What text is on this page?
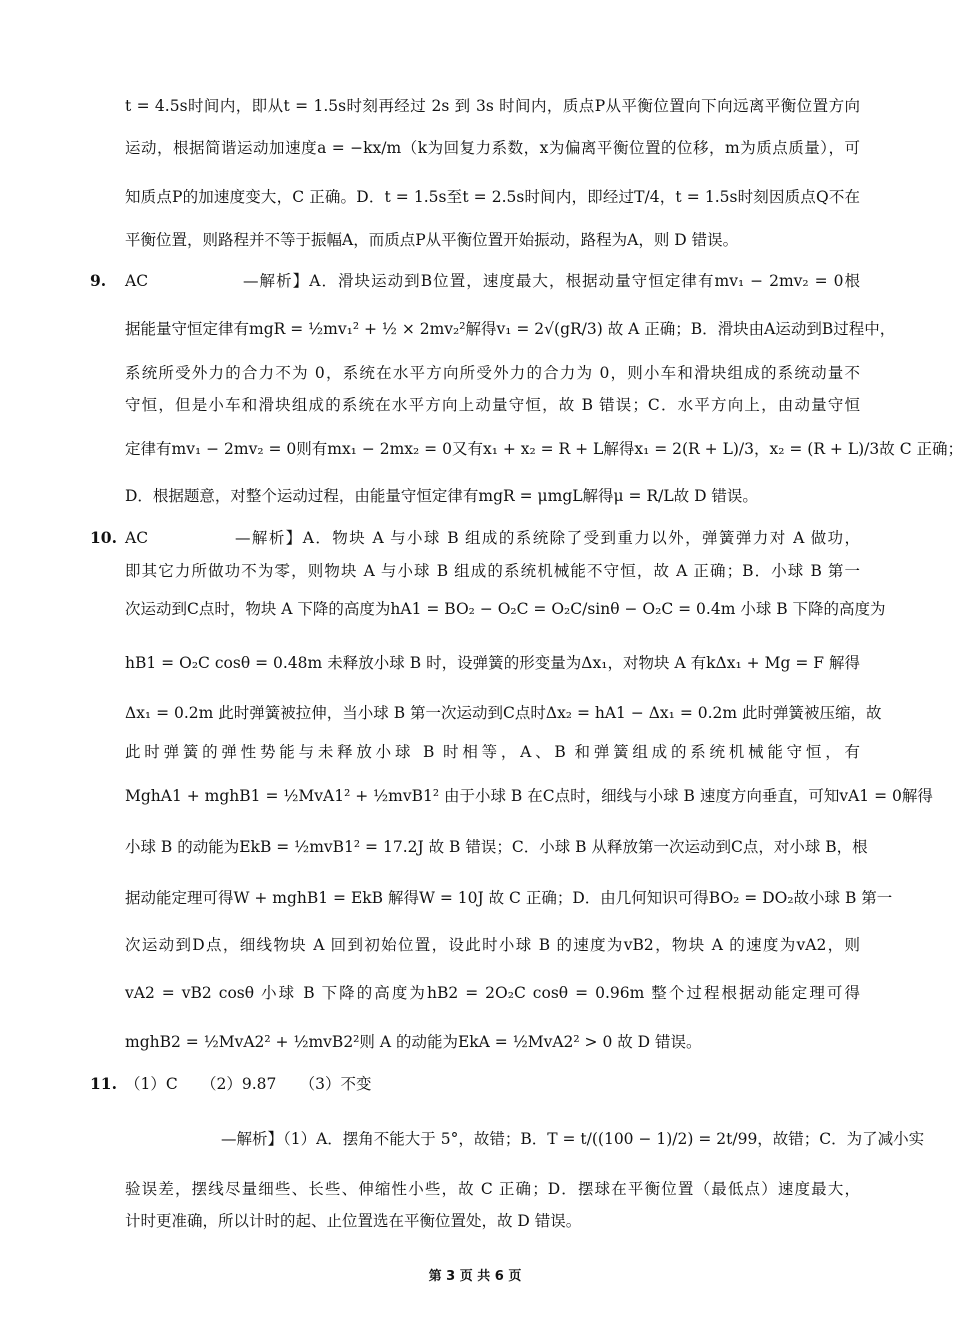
t = 4.5s时间内，即从t = 1.5s时刻再经过 2s 到 3s 时间内，质点P从平衡位置向下向远离平衡位置方向
运动，根据简谐运动加速度a = −kx/m（k为回复力系数，x为偏离平衡位置的位移，m为质点质量），可
知质点P的加速度变大，C 正确。D．t = 1.5s至t = 2.5s时间内，即经过T/4，t = 1.5s时刻因质点Q不在
平衡位置，则路程并不等于振幅A，而质点P从平衡位置开始振动，路程为A，则 D 错误。
9. AC	—解析】A．滑块运动到B位置，速度最大，根据动量守恒定律有mv₁ − 2mv₂ = 0根
据能量守恒定律有mgR = ½mv₁² + ½ × 2mv₂²解得v₁ = 2√(gR/3) 故 A 正确；B．滑块由A运动到B过程中，
系统所受外力的合力不为 0，系统在水平方向所受外力的合力为 0，则小车和滑块组成的系统动量不
守恒，但是小车和滑块组成的系统在水平方向上动量守恒，故 B 错误；C．水平方向上，由动量守恒
定律有mv₁ − 2mv₂ = 0则有mx₁ − 2mx₂ = 0又有x₁ + x₂ = R + L解得x₁ = 2(R + L)/3，x₂ = (R + L)/3故 C 正确；
D．根据题意，对整个运动过程，由能量守恒定律有mgR = μmgL解得μ = R/L故 D 错误。
10. AC	—解析】A．物块 A 与小球 B 组成的系统除了受到重力以外，弹簧弹力对 A 做功，
即其它力所做功不为零，则物块 A 与小球 B 组成的系统机械能不守恒，故 A 正确；B．小球 B 第一
次运动到C点时，物块 A 下降的高度为hA1 = BO₂ − O₂C = O₂C/sinθ − O₂C = 0.4m 小球 B 下降的高度为
hB1 = O₂C cosθ = 0.48m 未释放小球 B 时，设弹簧的形变量为Δx₁，对物块 A 有kΔx₁ + Mg = F 解得
Δx₁ = 0.2m 此时弹簧被拉伸，当小球 B 第一次运动到C点时Δx₂ = hA1 − Δx₁ = 0.2m 此时弹簧被压缩，故
此时弹簧的弹性势能与未释放小球 B 时相等，A、B 和弹簧组成的系统机械能守恒，有
MghA1 + mghB1 = ½MvA1² + ½mvB1² 由于小球 B 在C点时，细线与小球 B 速度方向垂直，可知vA1 = 0解得
小球 B 的动能为EkB = ½mvB1² = 17.2J 故 B 错误；C．小球 B 从释放第一次运动到C点，对小球 B，根
据动能定理可得W + mghB1 = EkB 解得W = 10J 故 C 正确；D．由几何知识可得BO₂ = DO₂故小球 B 第一
次运动到D点，细线物块 A 回到初始位置，设此时小球 B 的速度为vB2，物块 A 的速度为vA2，则
vA2 = vB2 cosθ 小球 B 下降的高度为hB2 = 2O₂C cosθ = 0.96m 整个过程根据动能定理可得
mghB2 = ½MvA2² + ½mvB2²则 A 的动能为EkA = ½MvA2² > 0 故 D 错误。
11. （1）C　　（2）9.87　　（3）不变
—解析】（1）A．摆角不能大于 5°，故错；B．T = t/((100 − 1)/2) = 2t/99，故错；C．为了减小实
验误差，摆线尽量细些、长些、伸缩性小些，故 C 正确；D．摆球在平衡位置（最低点）速度最大，
计时更准确，所以计时的起、止位置选在平衡位置处，故 D 错误。
第 3 页 共 6 页
